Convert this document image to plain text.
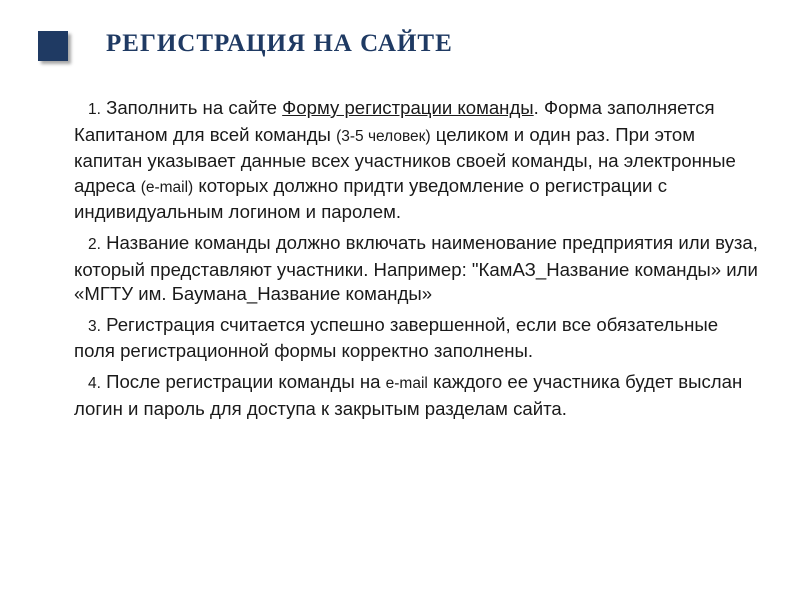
РЕГИСТРАЦИЯ НА САЙТЕ

1. Заполнить на сайте Форму регистрации команды. Форма заполняется Капитаном для всей команды (3-5 человек) целиком и один раз. При этом капитан указывает данные всех участников своей команды, на электронные адреса (e-mail) которых должно придти уведомление о регистрации с индивидуальным логином и паролем.

2. Название команды должно включать наименование предприятия или вуза, который представляют участники. Например: "КамАЗ_Название команды» или «МГТУ им. Баумана_Название команды»

3. Регистрация считается успешно завершенной, если все обязательные поля регистрационной формы корректно заполнены.

4. После регистрации команды на e-mail каждого ее участника будет выслан логин и пароль для доступа к закрытым разделам сайта.
